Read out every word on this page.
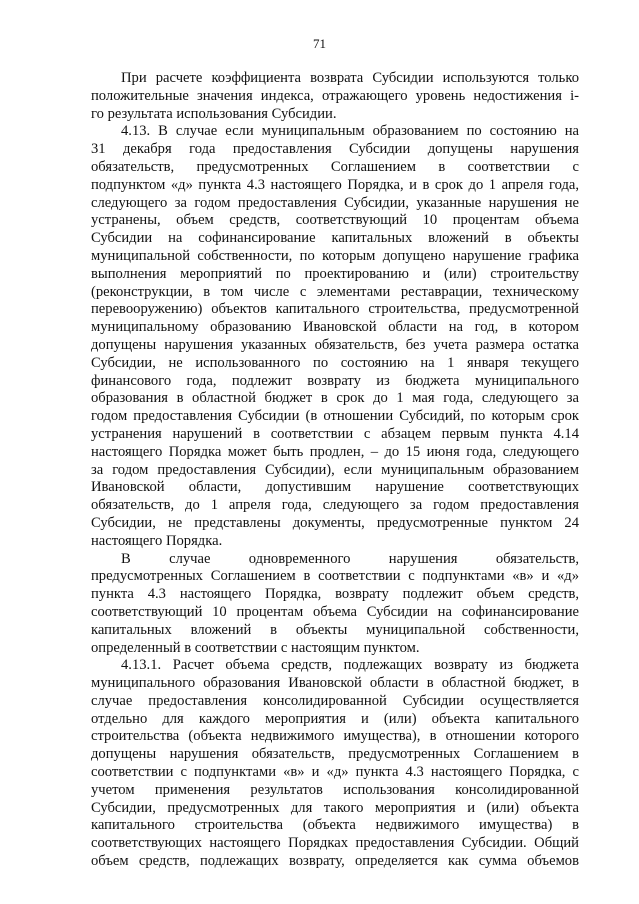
71
При расчете коэффициента возврата Субсидии используются только
положительные значения индекса, отражающего уровень недостижения i-
го результата использования Субсидии.
4.13. В случае если муниципальным образованием по состоянию на
31 декабря года предоставления Субсидии допущены нарушения
обязательств, предусмотренных Соглашением в соответствии с
подпунктом «д» пункта 4.3 настоящего Порядка, и в срок до 1 апреля года,
следующего за годом предоставления Субсидии, указанные нарушения не
устранены, объем средств, соответствующий 10 процентам объема
Субсидии на софинансирование капитальных вложений в объекты
муниципальной собственности, по которым допущено нарушение графика
выполнения мероприятий по проектированию и (или) строительству
(реконструкции, в том числе с элементами реставрации, техническому
перевооружению) объектов капитального строительства, предусмотренной
муниципальному образованию Ивановской области на год, в котором
допущены нарушения указанных обязательств, без учета размера остатка
Субсидии, не использованного по состоянию на 1 января текущего
финансового года, подлежит возврату из бюджета муниципального
образования в областной бюджет в срок до 1 мая года, следующего за
годом предоставления Субсидии (в отношении Субсидий, по которым срок
устранения нарушений в соответствии с абзацем первым пункта 4.14
настоящего Порядка может быть продлен, – до 15 июня года, следующего
за годом предоставления Субсидии), если муниципальным образованием
Ивановской области, допустившим нарушение соответствующих
обязательств, до 1 апреля года, следующего за годом предоставления
Субсидии, не представлены документы, предусмотренные пунктом 24
настоящего Порядка.
В случае одновременного нарушения обязательств,
предусмотренных Соглашением в соответствии с подпунктами «в» и «д»
пункта 4.3 настоящего Порядка, возврату подлежит объем средств,
соответствующий 10 процентам объема Субсидии на софинансирование
капитальных вложений в объекты муниципальной собственности,
определенный в соответствии с настоящим пунктом.
4.13.1. Расчет объема средств, подлежащих возврату из бюджета
муниципального образования Ивановской области в областной бюджет, в
случае предоставления консолидированной Субсидии осуществляется
отдельно для каждого мероприятия и (или) объекта капитального
строительства (объекта недвижимого имущества), в отношении которого
допущены нарушения обязательств, предусмотренных Соглашением в
соответствии с подпунктами «в» и «д» пункта 4.3 настоящего Порядка, с
учетом применения результатов использования консолидированной
Субсидии, предусмотренных для такого мероприятия и (или) объекта
капитального строительства (объекта недвижимого имущества) в
соответствующих настоящего Порядках предоставления Субсидии. Общий
объем средств, подлежащих возврату, определяется как сумма объемов
